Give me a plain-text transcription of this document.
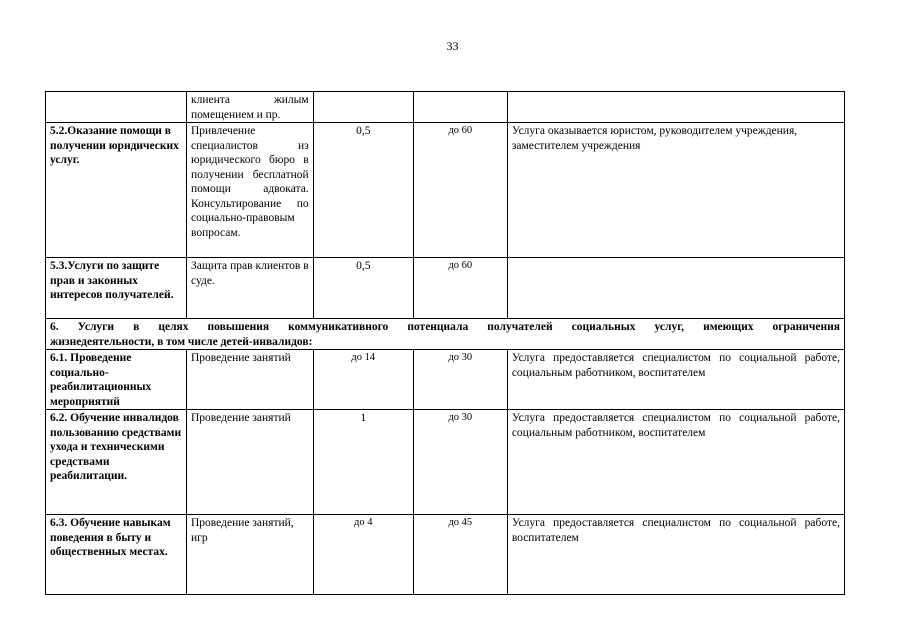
33
	клиента жилым помещением и пр.			
5.2.Оказание помощи в получении юридических услуг.	Привлечение специалистов из юридического бюро в получении бесплатной помощи адвоката. Консультирование по социально-правовым вопросам.	0,5	до 60	Услуга оказывается юристом, руководителем учреждения, заместителем учреждения
5.3.Услуги по защите прав и законных интересов получателей.	Защита прав клиентов в суде.	0,5	до 60	

6. Услуги в целях повышения коммуникативного потенциала получателей социальных услуг, имеющих ограничения
жизнедеятельности, в том числе детей-инвалидов:				

6.1. Проведение социально-реабилитационных мероприятий	Проведение занятий	до 14	до 30	Услуга предоставляется специалистом по социальной работе, социальным работником, воспитателем
6.2. Обучение инвалидов пользованию средствами ухода и техническими средствами реабилитации.	Проведение занятий	1	до 30	Услуга предоставляется специалистом по социальной работе, социальным работником, воспитателем
6.3. Обучение навыкам поведения в быту и общественных местах.	Проведение занятий, игр	до 4	до 45	Услуга предоставляется специалистом по социальной работе, воспитателем
